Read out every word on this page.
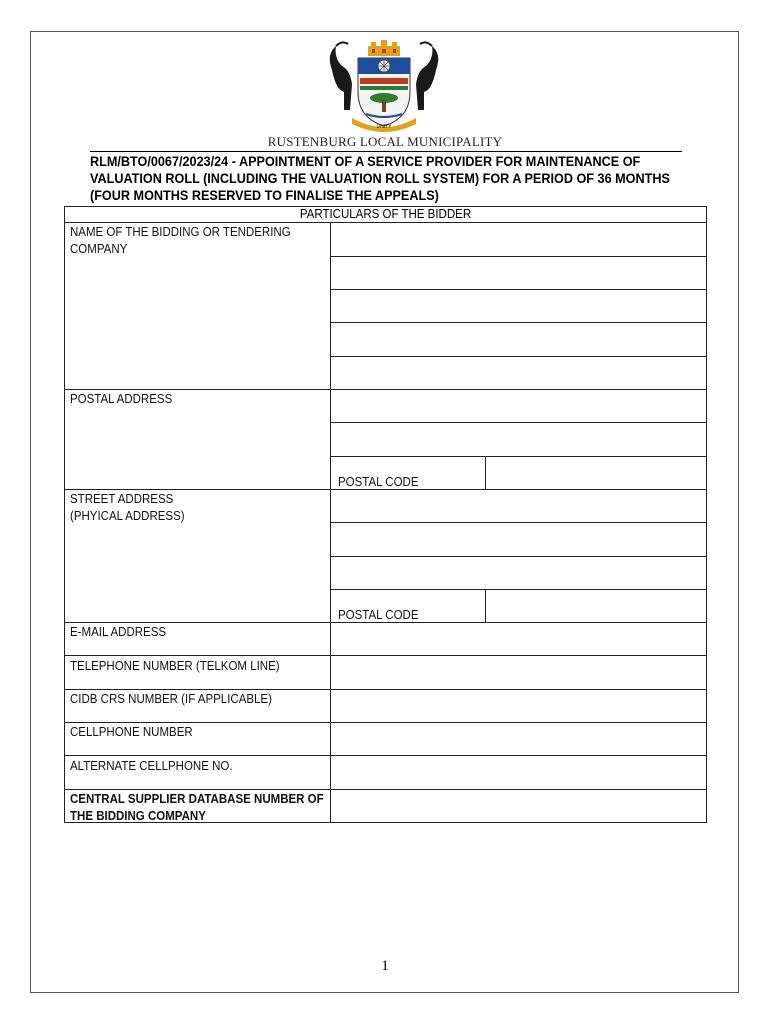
UNITY
RUSTENBURG LOCAL MUNICIPALITY
RLM/BTO/0067/2023/24 - APPOINTMENT OF A SERVICE PROVIDER FOR MAINTENANCE OF
VALUATION ROLL (INCLUDING THE VALUATION ROLL SYSTEM) FOR A PERIOD OF 36 MONTHS
(FOUR MONTHS RESERVED TO FINALISE THE APPEALS)
PARTICULARS OF THE BIDDER
NAME OF THE BIDDING OR TENDERING
COMPANY
POSTAL ADDRESS
POSTAL CODE
STREET ADDRESS
(PHYICAL ADDRESS)
POSTAL CODE
E-MAIL ADDRESS
TELEPHONE NUMBER (TELKOM LINE)
CIDB CRS NUMBER (IF APPLICABLE)
CELLPHONE NUMBER
ALTERNATE CELLPHONE NO.
CENTRAL SUPPLIER DATABASE NUMBER OF
THE BIDDING COMPANY
1
